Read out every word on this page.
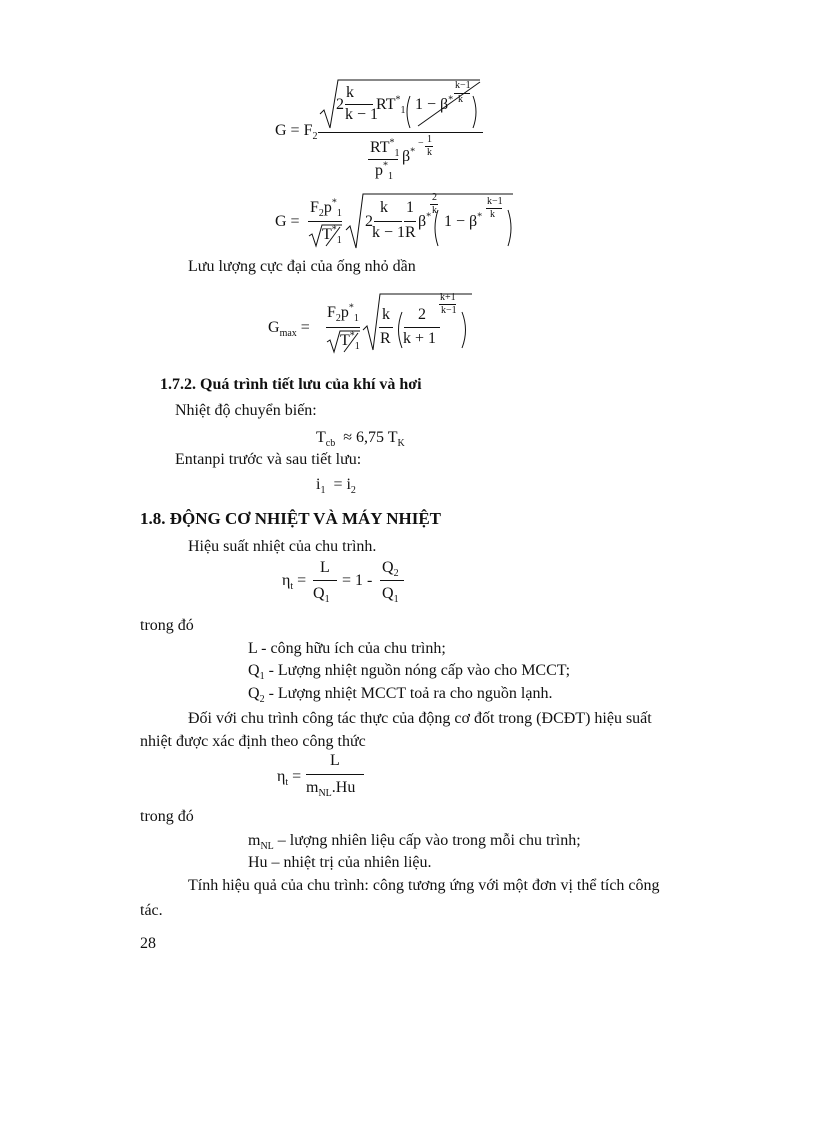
$G = F_2$
2
k
k − 1
$RT^*_1$ 1 − β*
k−1
k
$RT^*_1$
$p^*_1$
β*
− 1
k
G =
$F_2p^*_1$
$T^*_1$
2
k
k − 1
1
R
β*
2
k
1 − β*
k−1
k
Lưu lượng cực đại của ống nhỏ dần
$G_{max}$ =
$F_2p^*_1$
$T^*_1$
k
R
2
k + 1
k+1
k−1
1.7.2. Quá trình tiết lưu của khí và hơi
Nhiệt độ chuyển biến:
$T_{cb} \approx 6,75$ $T_K$
Entanpi trước và sau tiết lưu:
$i_1 = i_2$
1.8. ĐỘNG CƠ NHIỆT VÀ MÁY NHIỆT
Hiệu suất nhiệt của chu trình.
$\eta_t$ =
L
$Q_1$
= 1 -
$Q_2$
$Q_1$
trong đó
L - công hữu ích của chu trình;
$Q_1$ - Lượng nhiệt nguồn nóng cấp vào cho MCCT;
$Q_2$ - Lượng nhiệt MCCT toả ra cho nguồn lạnh.
Đối với chu trình công tác thực của động cơ đốt trong (ĐCĐT) hiệu suất
nhiệt được xác định theo công thức
$\eta_t$ =
L
$m_{NL}.Hu$
trong đó
$m_{NL}$ – lượng nhiên liệu cấp vào trong mỗi chu trình;
Hu – nhiệt trị của nhiên liệu.
Tính hiệu quả của chu trình: công tương ứng với một đơn vị thể tích công
tác.
28
